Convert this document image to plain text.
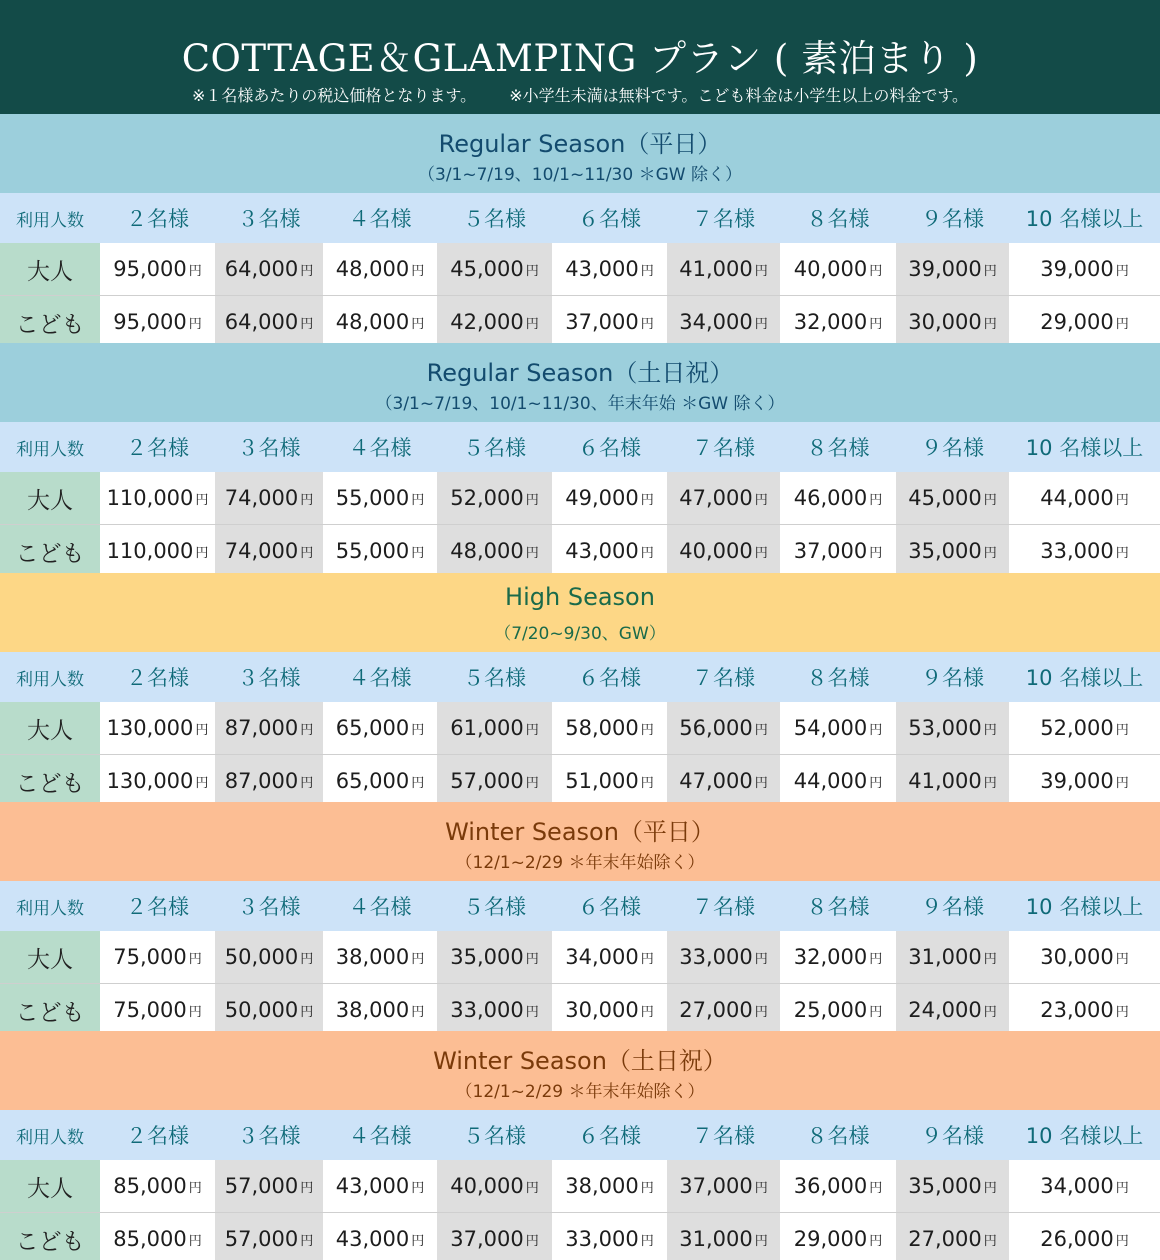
COTTAGE＆GLAMPING プラン ( 素泊まり )
※１名様あたりの税込価格となります。 ※小学生未満は無料です。こども料金は小学生以上の料金です。
Regular Season（平日）
（3/1~7/19、10/1~11/30 ＊GW 除く）
利用人数	２名様	３名様	４名様	５名様	６名様	７名様	８名様	９名様	10 名様以上
大人	95,000 円 64,000 円 48,000 円 45,000 円 43,000 円 41,000 円 40,000 円 39,000 円 39,000 円
こども	95,000 円 64,000 円 48,000 円 42,000 円 37,000 円 34,000 円 32,000 円 30,000 円 29,000 円
Regular Season（土日祝）
（3/1~7/19、10/1~11/30、年末年始 ＊GW 除く）
利用人数	２名様	３名様	４名様	５名様	６名様	７名様	８名様	９名様	10 名様以上
大人	110,000 円 74,000 円 55,000 円 52,000 円 49,000 円 47,000 円 46,000 円 45,000 円 44,000 円
こども	110,000 円 74,000 円 55,000 円 48,000 円 43,000 円 40,000 円 37,000 円 35,000 円 33,000 円
High Season
（7/20~9/30、GW）
利用人数	２名様	３名様	４名様	５名様	６名様	７名様	８名様	９名様	10 名様以上
大人	130,000 円 87,000 円 65,000 円 61,000 円 58,000 円 56,000 円 54,000 円 53,000 円 52,000 円
こども	130,000 円 87,000 円 65,000 円 57,000 円 51,000 円 47,000 円 44,000 円 41,000 円 39,000 円
Winter Season（平日）
（12/1~2/29 ＊年末年始除く）
利用人数	２名様	３名様	４名様	５名様	６名様	７名様	８名様	９名様	10 名様以上
大人	75,000 円 50,000 円 38,000 円 35,000 円 34,000 円 33,000 円 32,000 円 31,000 円 30,000 円
こども	75,000 円 50,000 円 38,000 円 33,000 円 30,000 円 27,000 円 25,000 円 24,000 円 23,000 円
Winter Season（土日祝）
（12/1~2/29 ＊年末年始除く）
利用人数	２名様	３名様	４名様	５名様	６名様	７名様	８名様	９名様	10 名様以上
大人	85,000 円 57,000 円 43,000 円 40,000 円 38,000 円 37,000 円 36,000 円 35,000 円 34,000 円
こども	85,000 円 57,000 円 43,000 円 37,000 円 33,000 円 31,000 円 29,000 円 27,000 円 26,000 円
